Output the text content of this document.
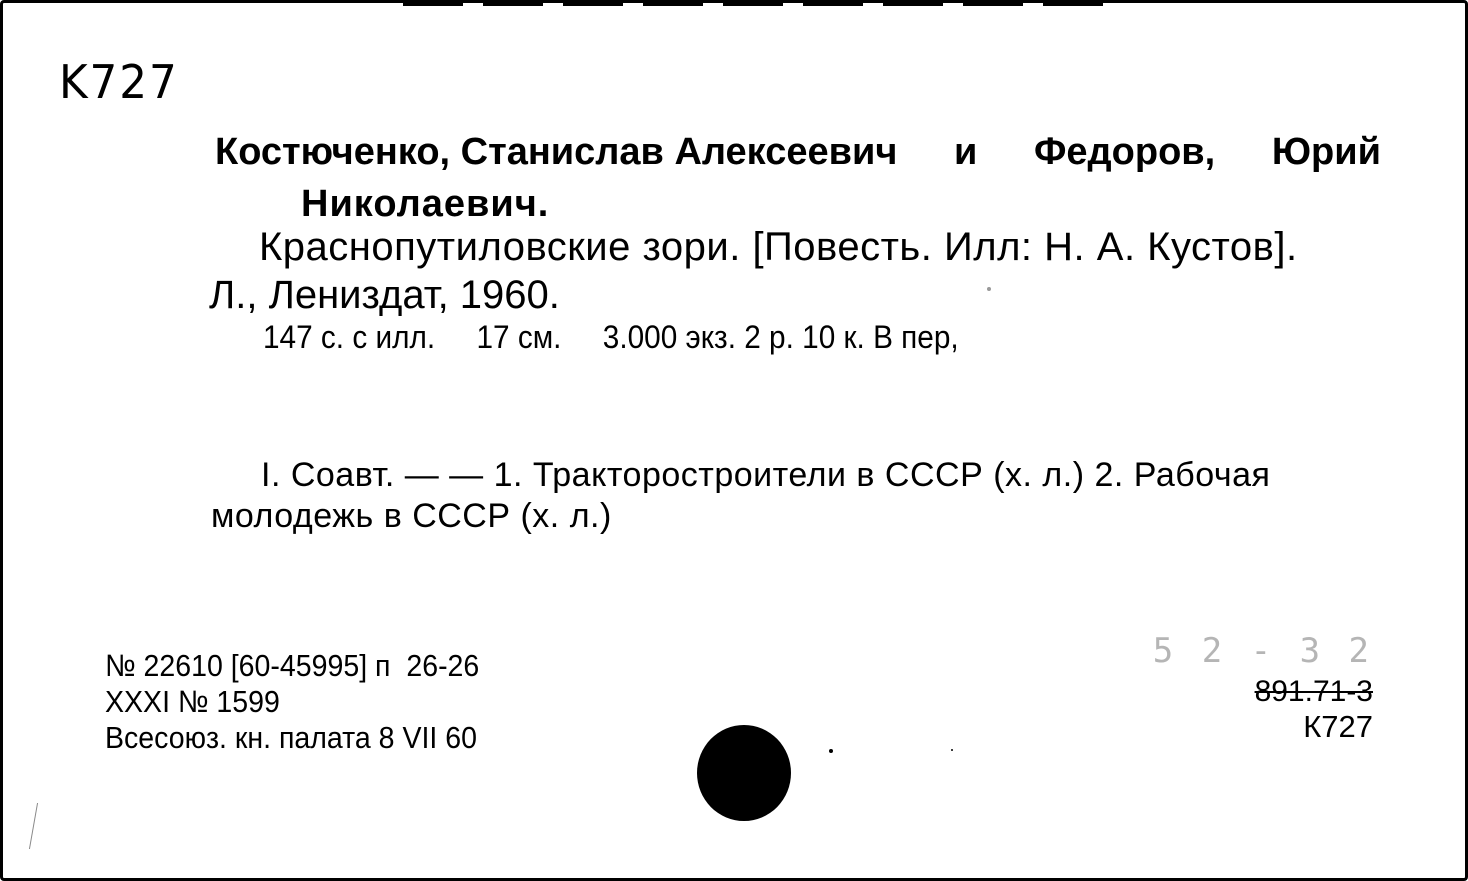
K727
Костюченко, Станислав Алексеевич и Федоров, Юрий
Николаевич.
Краснопутиловские зори. [Повесть. Илл: Н. А. Кустов].
Л., Лениздат, 1960.
147 с. с илл.     17 см.     3.000 экз. 2 р. 10 к. В пер,
I. Соавт. — — 1. Тракторостроители в СССР (х. л.) 2. Рабочая
молодежь в СССР (х. л.)
№ 22610 [60-45995] п  26-26
XXXI № 1599
Всесоюз. кн. палата 8 VII 60
5 2 - 3 2
891.71-3
К727
